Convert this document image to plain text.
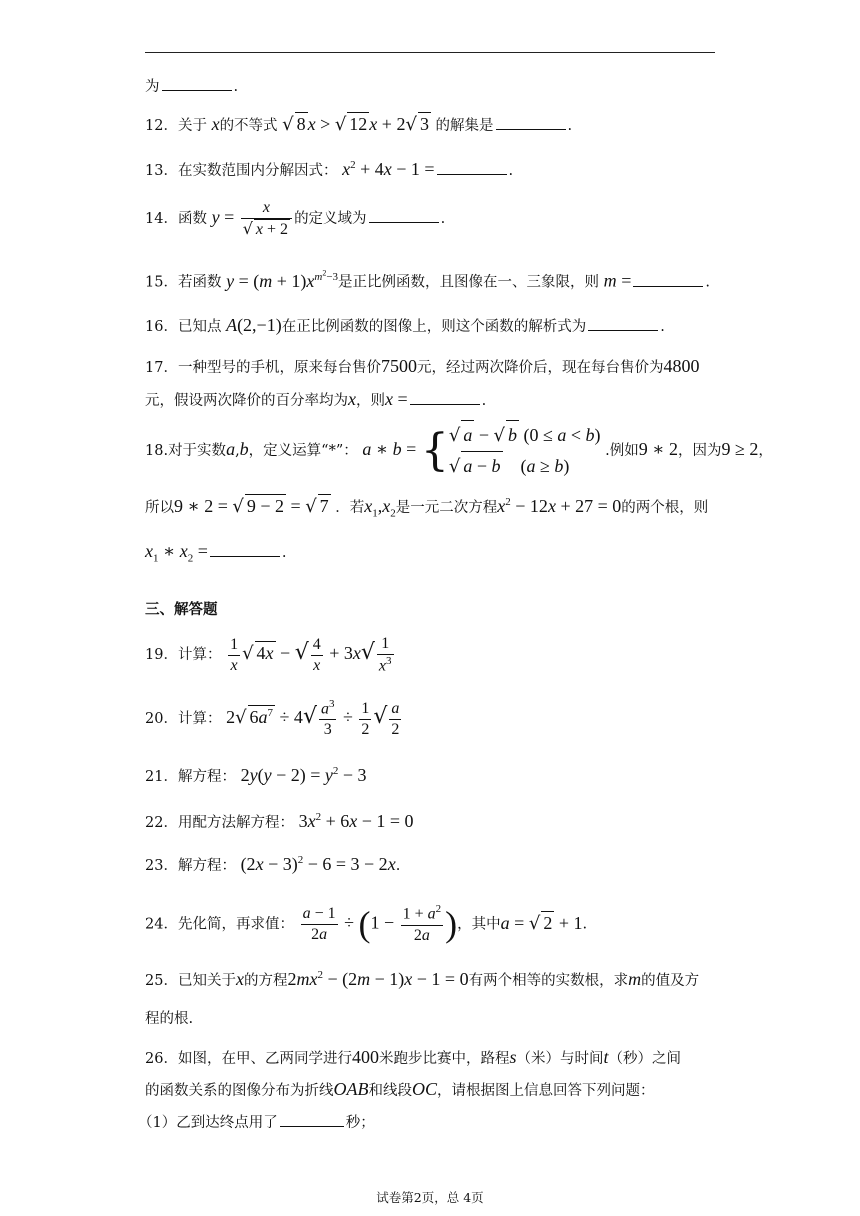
为	.
12．关于 x的不等式 √ 8 x > √ 12 x + 2√ 3 的解集是	.
13．在实数范围内分解因式： $x^2 + 4x - 1$ =	.
14．函数 $y = \frac{x}{√ x + 2}$ 的定义域为	.
15．若函数 $y = (m + 1)x^{m^2-3}$是正比例函数，且图像在一、三象限，则 m =	.
16．已知点 A(2,−1)在正比例函数的图像上，则这个函数的解析式为	.
17．一种型号的手机，原来每台售价7500元，经过两次降价后，现在每台售价为4800
元，假设两次降价的百分率均为x，则x =	.
18.对于实数a,b，定义运算“*”： a ∗ b = { √ a − √ b (0 ≤ a < b)
√ a − b    (a ≥ b)
.例如9 ∗ 2，因为9 ≥ 2，
所以9 ∗ 2 = √ 9 − 2 = √ 7 ．若$x_1,x_2$是一元二次方程$x^2 - 12x + 27 = 0$的两个根，则
$x_1$ ∗ $x_2$ =	.
三、解答题
19．计算： $\frac{1}{x}$ √ 4x − √ $\frac{4}{x} + 3x√ \frac{1}{x^3}$
20．计算： 2√ $6a^7 \div 4√ \frac{a^3}{3} \div \frac{1}{2}$ √ $\frac{a}{2}$
21．解方程： $2y(y - 2) = y^2 - 3$
22．用配方法解方程： $3x^2 + 6x - 1 = 0$
23．解方程： $(2x - 3)^2 - 6 = 3 - 2x$.
24．先化简，再求值： $\frac{a - 1}{2a} \div (1 - \frac{1 + a^2}{2a}$ )，其中a = √ 2 + 1.
25．已知关于x的方程$2mx^2 - (2m - 1)x - 1 = 0$有两个相等的实数根，求m的值及方
程的根.
26．如图，在甲、乙两同学进行400米跑步比赛中，路程s（米）与时间t（秒）之间
的函数关系的图像分布为折线OAB和线段OC，请根据图上信息回答下列问题：
（1）乙到达终点用了	秒；
试卷第2页，总 4页
